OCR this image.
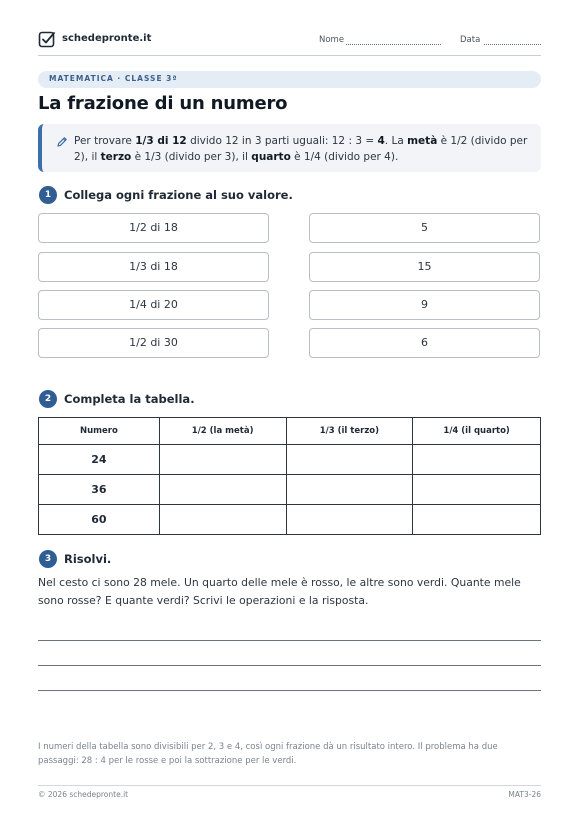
schedepronte.it	Nome	Data
MATEMATICA · CLASSE 3ª
La frazione di un numero
Per trovare 1/3 di 12 divido 12 in 3 parti uguali: 12 : 3 = 4. La metà è 1/2 (divido per 2), il terzo è 1/3 (divido per 3), il quarto è 1/4 (divido per 4).
1	Collega ogni frazione al suo valore.
1/2 di 18
1/3 di 18
1/4 di 20
1/2 di 30
5
15
9
6
2	Completa la tabella.
Numero	1/2 (la metà)	1/3 (il terzo)	1/4 (il quarto)
24			
36			
60			
3	Risolvi.
Nel cesto ci sono 28 mele. Un quarto delle mele è rosso, le altre sono verdi. Quante mele sono rosse? E quante verdi? Scrivi le operazioni e la risposta.
I numeri della tabella sono divisibili per 2, 3 e 4, così ogni frazione dà un risultato intero. Il problema ha due passaggi: 28 : 4 per le rosse e poi la sottrazione per le verdi.
© 2026 schedepronte.it	MAT3-26
